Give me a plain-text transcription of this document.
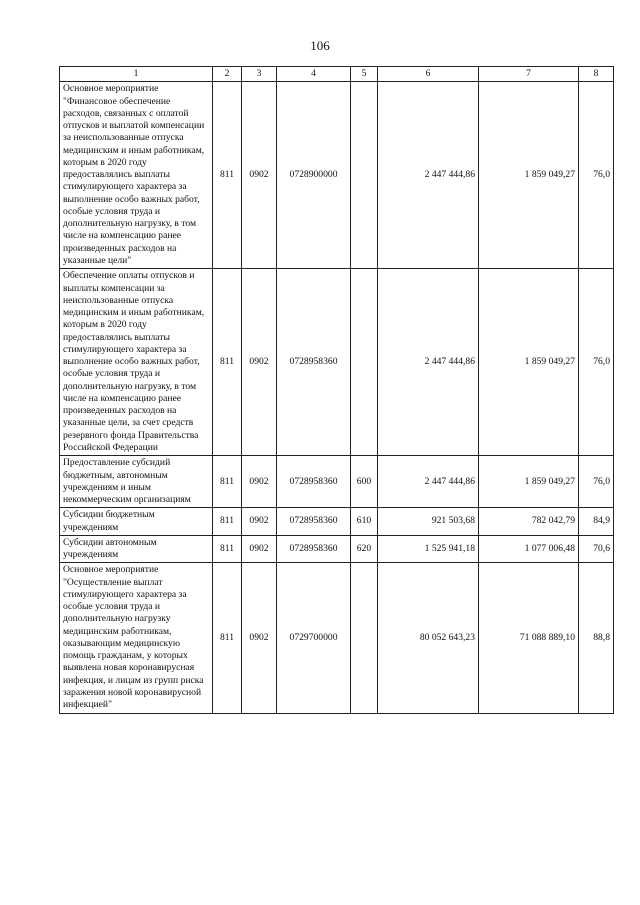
106
1	2	3	4	5	6	7	8
Основное мероприятие "Финансовое обеспечение расходов, связанных с оплатой отпусков и выплатой компенсации за неиспользованные отпуска медицинским и иным работникам, которым в 2020 году предоставлялись выплаты стимулирующего характера за выполнение особо важных работ, особые условия труда и дополнительную нагрузку, в том числе на компенсацию ранее произведенных расходов на указанные цели"	811	0902	0728900000		2 447 444,86	1 859 049,27	76,0
Обеспечение оплаты отпусков и выплаты компенсации за неиспользованные отпуска медицинским и иным работникам, которым в 2020 году предоставлялись выплаты стимулирующего характера за выполнение особо важных работ, особые условия труда и дополнительную нагрузку, в том числе на компенсацию ранее произведенных расходов на указанные цели, за счет средств резервного фонда Правительства Российской Федерации	811	0902	0728958360		2 447 444,86	1 859 049,27	76,0
Предоставление субсидий бюджетным, автономным учреждениям и иным некоммерческим организациям	811	0902	0728958360	600	2 447 444,86	1 859 049,27	76,0
Субсидии бюджетным учреждениям	811	0902	0728958360	610	921 503,68	782 042,79	84,9
Субсидии автономным учреждениям	811	0902	0728958360	620	1 525 941,18	1 077 006,48	70,6
Основное мероприятие "Осуществление выплат стимулирующего характера за особые условия труда и дополнительную нагрузку медицинским работникам, оказывающим медицинскую помощь гражданам, у которых выявлена новая коронавирусная инфекция, и лицам из групп риска заражения новой коронавирусной инфекцией"	811	0902	0729700000		80 052 643,23	71 088 889,10	88,8
